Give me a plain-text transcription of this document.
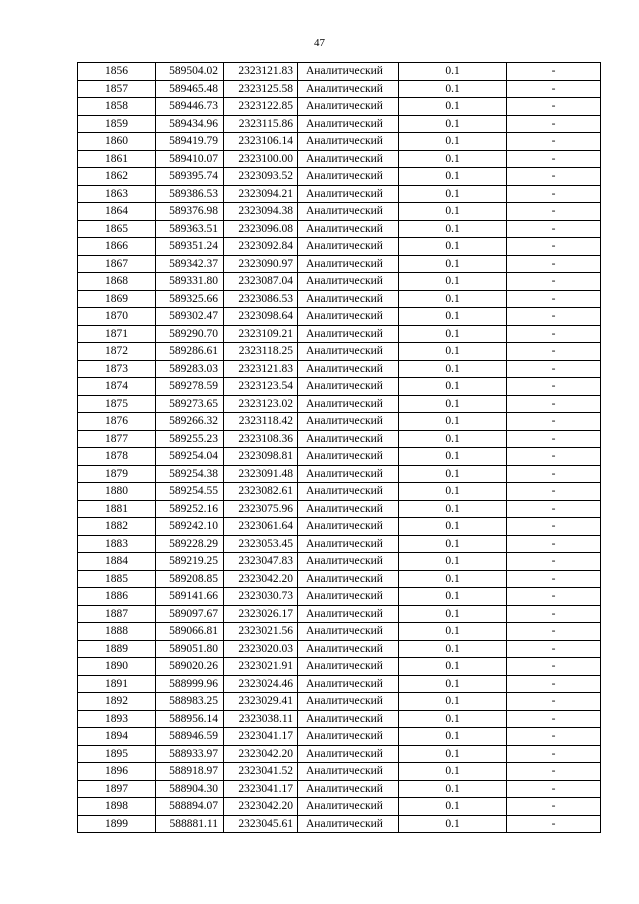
47
1856	589504.02	2323121.83	Аналитический	0.1	-
1857	589465.48	2323125.58	Аналитический	0.1	-
1858	589446.73	2323122.85	Аналитический	0.1	-
1859	589434.96	2323115.86	Аналитический	0.1	-
1860	589419.79	2323106.14	Аналитический	0.1	-
1861	589410.07	2323100.00	Аналитический	0.1	-
1862	589395.74	2323093.52	Аналитический	0.1	-
1863	589386.53	2323094.21	Аналитический	0.1	-
1864	589376.98	2323094.38	Аналитический	0.1	-
1865	589363.51	2323096.08	Аналитический	0.1	-
1866	589351.24	2323092.84	Аналитический	0.1	-
1867	589342.37	2323090.97	Аналитический	0.1	-
1868	589331.80	2323087.04	Аналитический	0.1	-
1869	589325.66	2323086.53	Аналитический	0.1	-
1870	589302.47	2323098.64	Аналитический	0.1	-
1871	589290.70	2323109.21	Аналитический	0.1	-
1872	589286.61	2323118.25	Аналитический	0.1	-
1873	589283.03	2323121.83	Аналитический	0.1	-
1874	589278.59	2323123.54	Аналитический	0.1	-
1875	589273.65	2323123.02	Аналитический	0.1	-
1876	589266.32	2323118.42	Аналитический	0.1	-
1877	589255.23	2323108.36	Аналитический	0.1	-
1878	589254.04	2323098.81	Аналитический	0.1	-
1879	589254.38	2323091.48	Аналитический	0.1	-
1880	589254.55	2323082.61	Аналитический	0.1	-
1881	589252.16	2323075.96	Аналитический	0.1	-
1882	589242.10	2323061.64	Аналитический	0.1	-
1883	589228.29	2323053.45	Аналитический	0.1	-
1884	589219.25	2323047.83	Аналитический	0.1	-
1885	589208.85	2323042.20	Аналитический	0.1	-
1886	589141.66	2323030.73	Аналитический	0.1	-
1887	589097.67	2323026.17	Аналитический	0.1	-
1888	589066.81	2323021.56	Аналитический	0.1	-
1889	589051.80	2323020.03	Аналитический	0.1	-
1890	589020.26	2323021.91	Аналитический	0.1	-
1891	588999.96	2323024.46	Аналитический	0.1	-
1892	588983.25	2323029.41	Аналитический	0.1	-
1893	588956.14	2323038.11	Аналитический	0.1	-
1894	588946.59	2323041.17	Аналитический	0.1	-
1895	588933.97	2323042.20	Аналитический	0.1	-
1896	588918.97	2323041.52	Аналитический	0.1	-
1897	588904.30	2323041.17	Аналитический	0.1	-
1898	588894.07	2323042.20	Аналитический	0.1	-
1899	588881.11	2323045.61	Аналитический	0.1	-
